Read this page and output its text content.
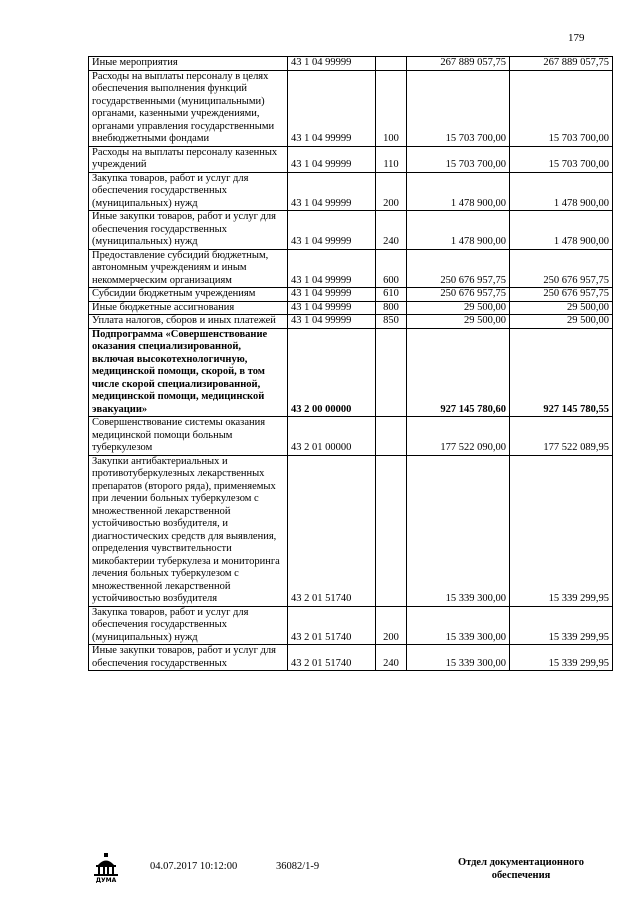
179
Иные мероприятия	43 1 04 99999		267 889 057,75	267 889 057,75
Расходы на выплаты персоналу в целях обеспечения выполнения функций государственными (муниципальными) органами, казенными учреждениями, органами управления государственными внебюджетными фондами	43 1 04 99999	100	15 703 700,00	15 703 700,00
Расходы на выплаты персоналу казенных учреждений	43 1 04 99999	110	15 703 700,00	15 703 700,00
Закупка товаров, работ и услуг для обеспечения государственных (муниципальных) нужд	43 1 04 99999	200	1 478 900,00	1 478 900,00
Иные закупки товаров, работ и услуг для обеспечения государственных (муниципальных) нужд	43 1 04 99999	240	1 478 900,00	1 478 900,00
Предоставление субсидий бюджетным, автономным учреждениям и иным некоммерческим организациям	43 1 04 99999	600	250 676 957,75	250 676 957,75
Субсидии бюджетным учреждениям	43 1 04 99999	610	250 676 957,75	250 676 957,75
Иные бюджетные ассигнования	43 1 04 99999	800	29 500,00	29 500,00
Уплата налогов, сборов и иных платежей	43 1 04 99999	850	29 500,00	29 500,00
Подпрограмма «Совершенствование оказания специализированной, включая высокотехнологичную, медицинской помощи, скорой, в том числе скорой специализированной, медицинской помощи, медицинской эвакуации»	43 2 00 00000		927 145 780,60	927 145 780,55
Совершенствование системы оказания медицинской помощи больным туберкулезом	43 2 01 00000		177 522 090,00	177 522 089,95
Закупки антибактериальных и противотуберкулезных лекарственных препаратов (второго ряда), применяемых при лечении больных туберкулезом с множественной лекарственной устойчивостью возбудителя, и диагностических средств для выявления, определения чувствительности микобактерии туберкулеза и мониторинга лечения больных туберкулезом с множественной лекарственной устойчивостью возбудителя	43 2 01 51740		15 339 300,00	15 339 299,95
Закупка товаров, работ и услуг для обеспечения государственных (муниципальных) нужд	43 2 01 51740	200	15 339 300,00	15 339 299,95
Иные закупки товаров, работ и услуг для обеспечения государственных	43 2 01 51740	240	15 339 300,00	15 339 299,95
ДУМА
04.07.2017 10:12:00	36082/1-9	Отдел документационного обеспечения
